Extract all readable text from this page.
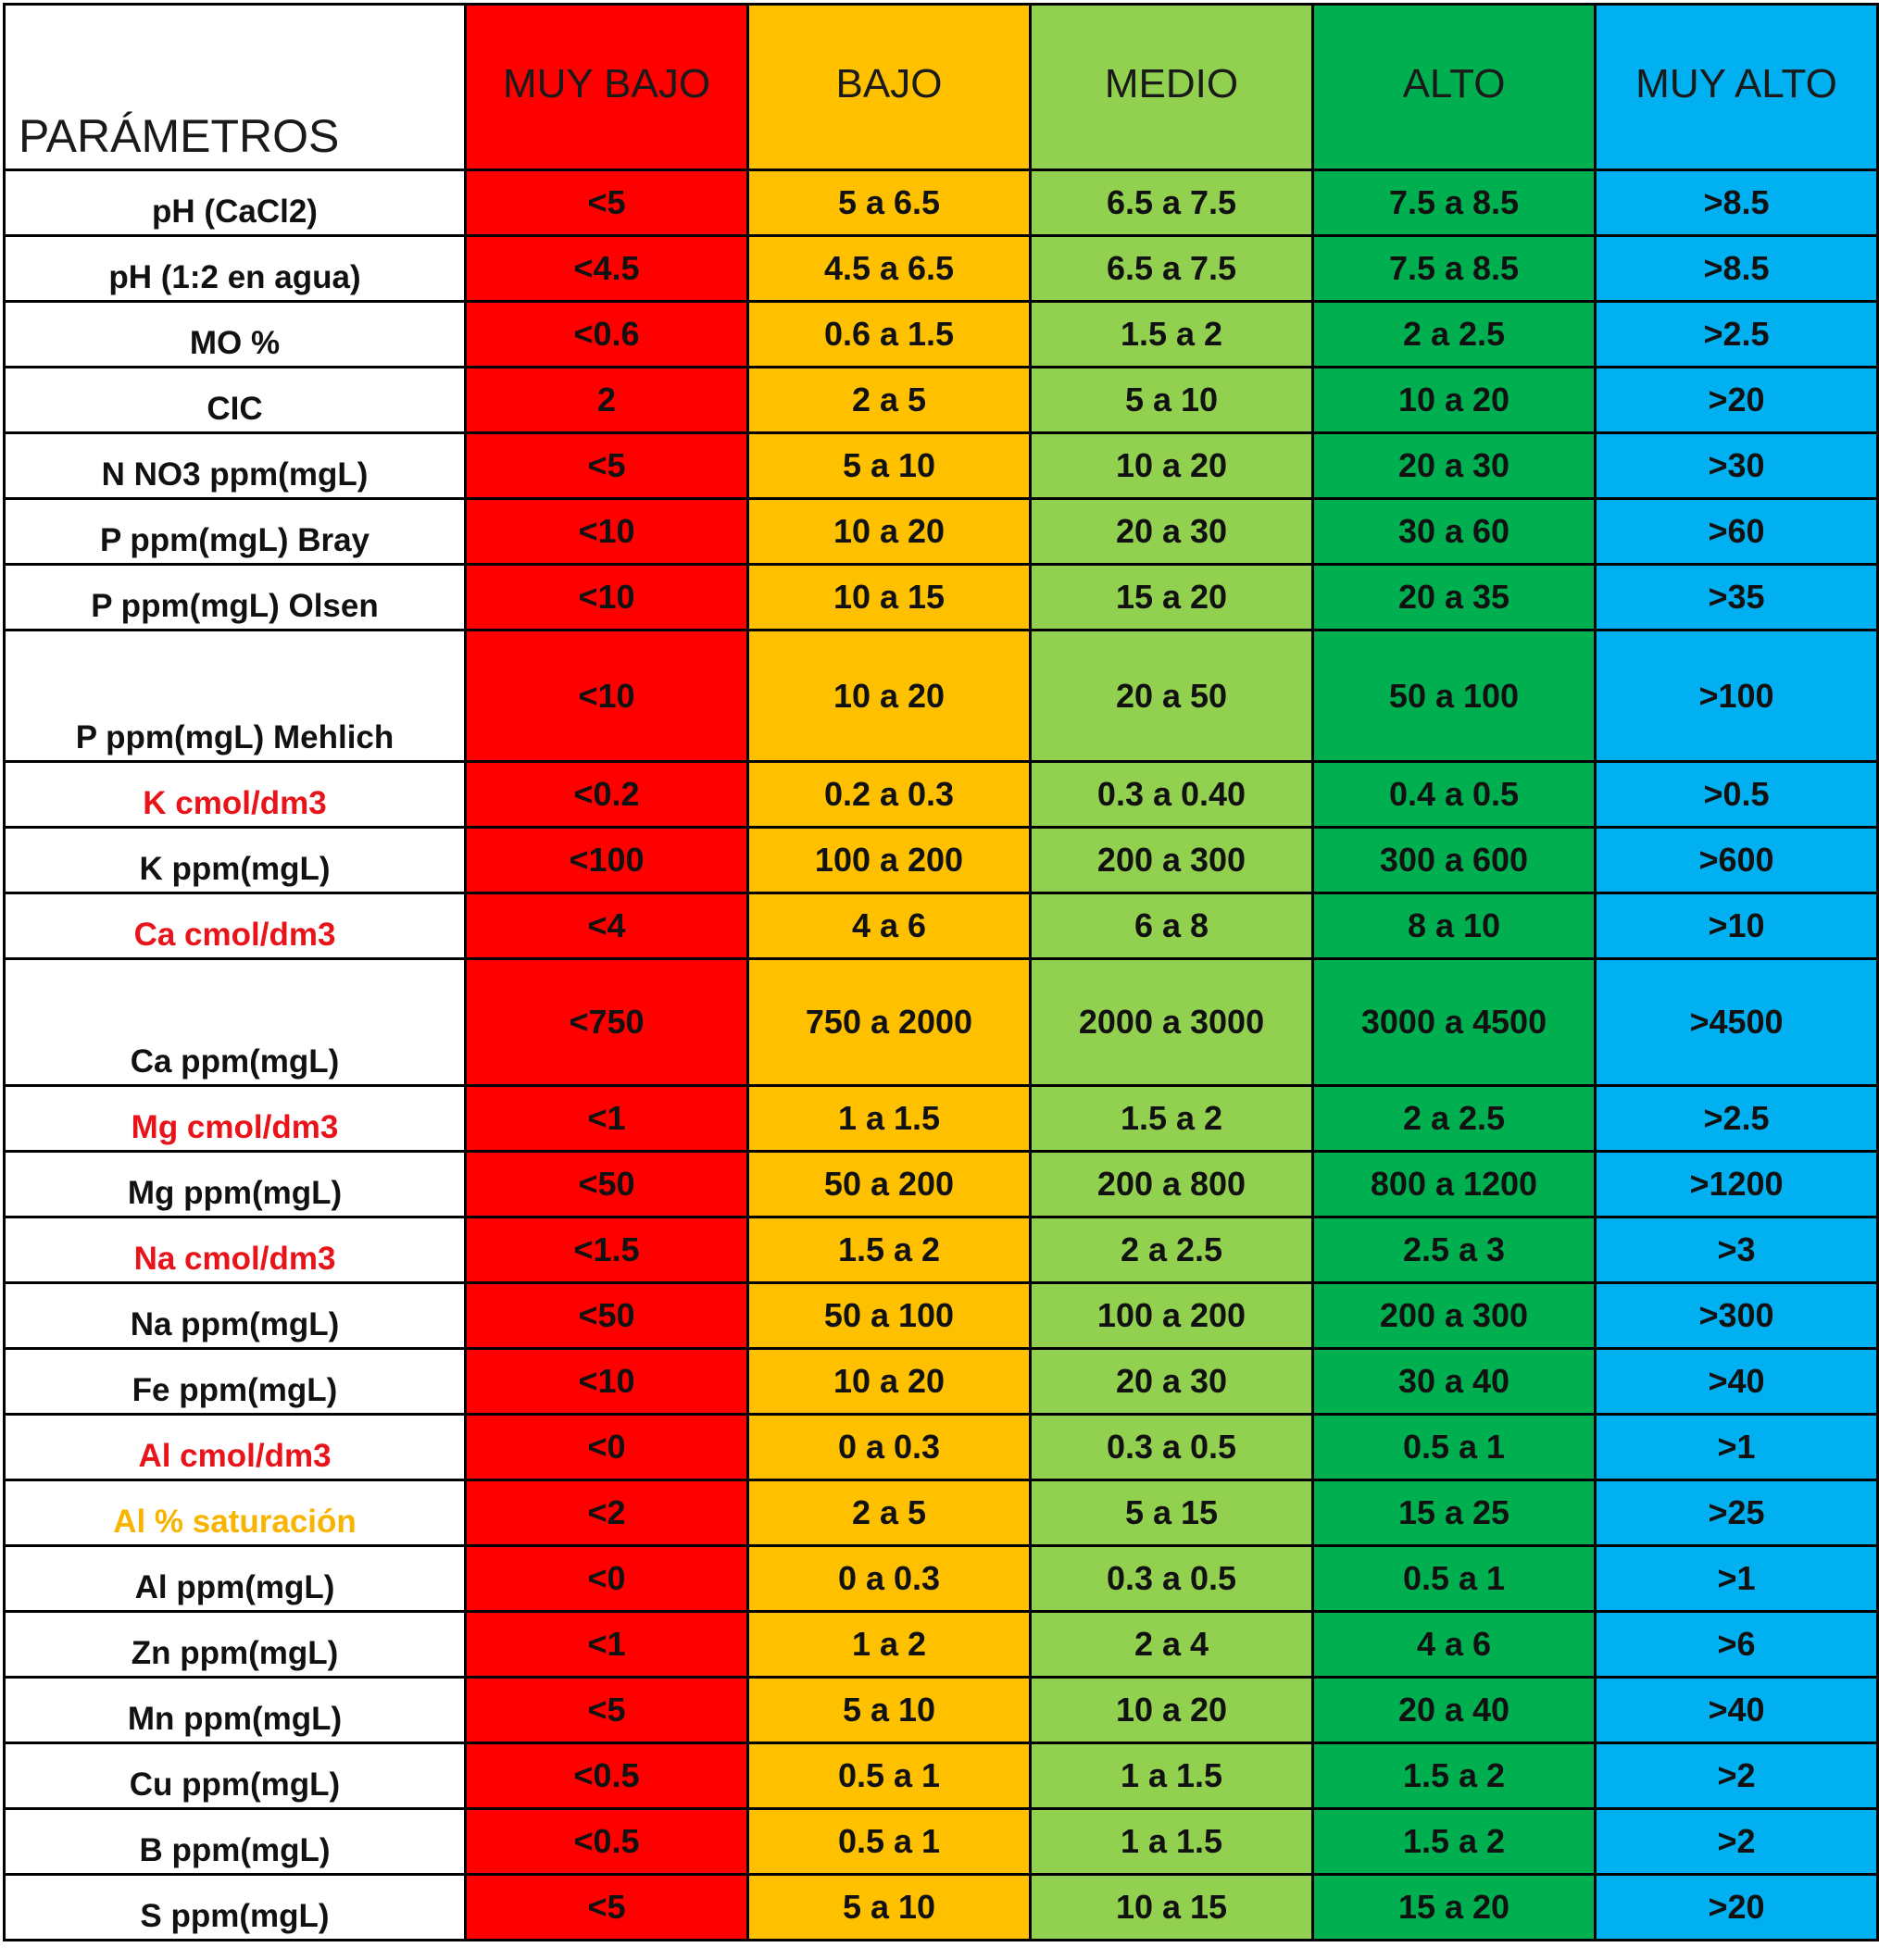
PARÁMETROS	MUY BAJO	BAJO	MEDIO	ALTO	MUY ALTO
pH (CaCl2)	<5	5 a 6.5	6.5 a 7.5	7.5 a 8.5	>8.5
pH (1:2 en agua)	<4.5	4.5 a 6.5	6.5 a 7.5	7.5 a 8.5	>8.5
MO %	<0.6	0.6 a 1.5	1.5 a 2	2 a 2.5	>2.5
CIC	2	2 a 5	5 a 10	10 a 20	>20
N NO3 ppm(mgL)	<5	5 a 10	10 a 20	20 a 30	>30
P ppm(mgL) Bray	<10	10 a 20	20 a 30	30 a 60	>60
P ppm(mgL) Olsen	<10	10 a 15	15 a 20	20 a 35	>35
P ppm(mgL) Mehlich	<10	10 a 20	20 a 50	50 a 100	>100
K cmol/dm3	<0.2	0.2 a 0.3	0.3 a 0.40	0.4 a 0.5	>0.5
K ppm(mgL)	<100	100 a 200	200 a 300	300 a 600	>600
Ca cmol/dm3	<4	4 a 6	6 a 8	8 a 10	>10
Ca ppm(mgL)	<750	750 a 2000	2000 a 3000	3000 a 4500	>4500
Mg cmol/dm3	<1	1 a 1.5	1.5 a 2	2 a 2.5	>2.5
Mg ppm(mgL)	<50	50 a 200	200 a 800	800 a 1200	>1200
Na cmol/dm3	<1.5	1.5 a 2	2 a 2.5	2.5 a 3	>3
Na ppm(mgL)	<50	50 a 100	100 a 200	200 a 300	>300
Fe ppm(mgL)	<10	10 a 20	20 a 30	30 a 40	>40
Al cmol/dm3	<0	0 a 0.3	0.3 a 0.5	0.5 a 1	>1
Al % saturación	<2	2 a 5	5 a 15	15 a 25	>25
Al ppm(mgL)	<0	0 a 0.3	0.3 a 0.5	0.5 a 1	>1
Zn ppm(mgL)	<1	1 a 2	2 a 4	4 a 6	>6
Mn ppm(mgL)	<5	5 a 10	10 a 20	20 a 40	>40
Cu ppm(mgL)	<0.5	0.5 a 1	1 a 1.5	1.5 a 2	>2
B ppm(mgL)	<0.5	0.5 a 1	1 a 1.5	1.5 a 2	>2
S ppm(mgL)	<5	5 a 10	10 a 15	15 a 20	>20
